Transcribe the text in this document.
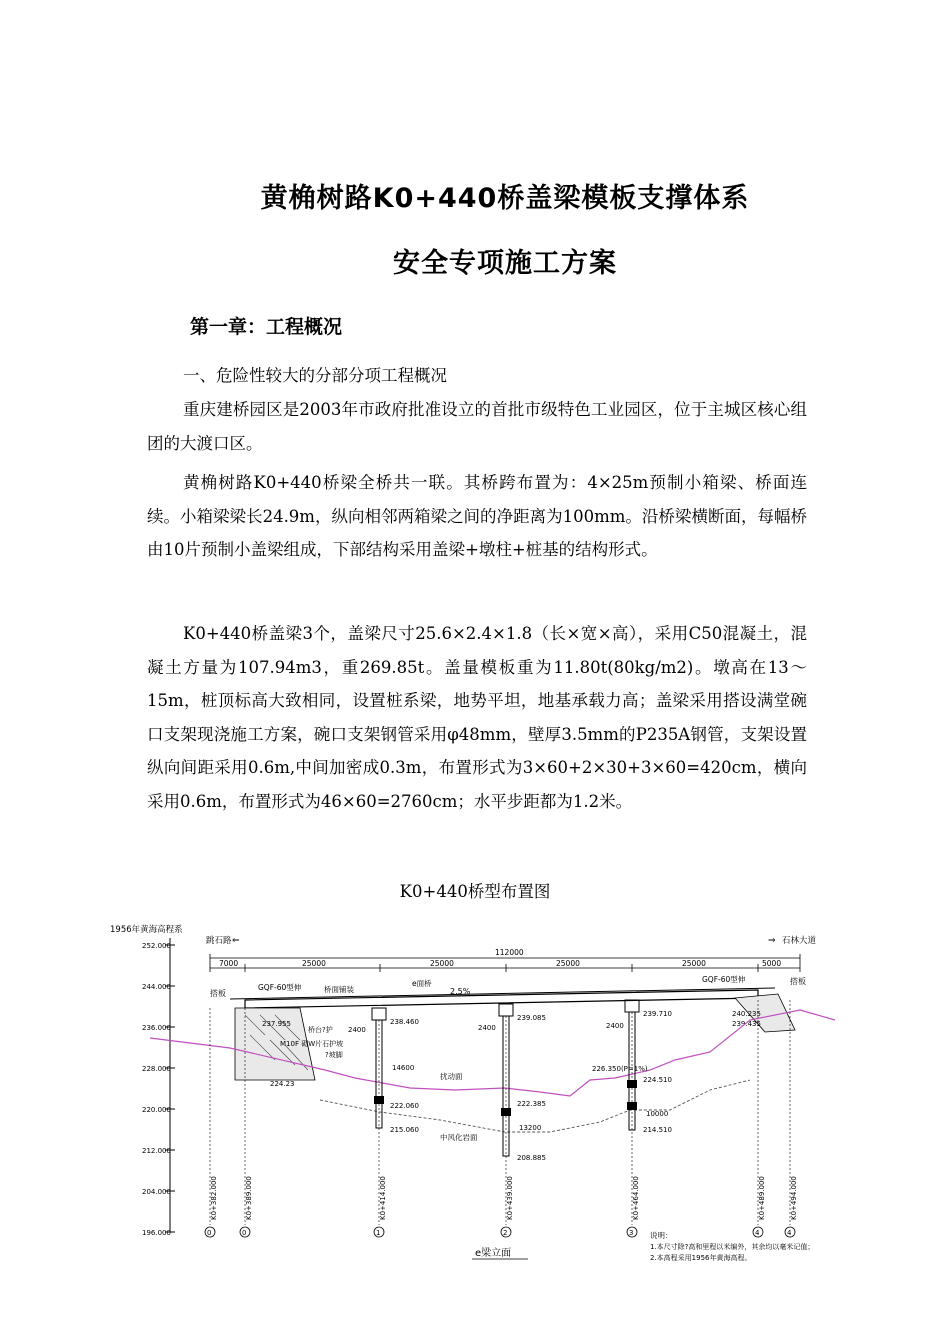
黄桷树路K0+440桥盖梁模板支撑体系
安全专项施工方案
第一章：工程概况
一、危险性较大的分部分项工程概况
重庆建桥园区是2003年市政府批准设立的首批市级特色工业园区，位于主城区核心组团的大渡口区。
黄桷树路K0+440桥梁全桥共一联。其桥跨布置为：4×25m预制小箱梁、桥面连续。小箱梁梁长24.9m，纵向相邻两箱梁之间的净距离为100mm。沿桥梁横断面，每幅桥由10片预制小盖梁组成，下部结构采用盖梁+墩柱+桩基的结构形式。
K0+440桥盖梁3个，盖梁尺寸25.6×2.4×1.8（长×宽×高），采用C50混凝土，混凝土方量为107.94m3，重269.85t。盖量模板重为11.80t(80kg/m2)。墩高在13～15m，桩顶标高大致相同，设置桩系梁，地势平坦，地基承载力高；盖梁采用搭设满堂碗口支架现浇施工方案，碗口支架钢管采用φ48mm，壁厚3.5mm的P235A钢管，支架设置纵向间距采用0.6m,中间加密成0.3m，布置形式为3×60+2×30+3×60=420cm，横向采用0.6m，布置形式为46×60=2760cm；水平步距都为1.2米。
K0+440桥型布置图
1956年黄海高程系
252.000
244.000
236.000
228.000
220.000
212.000
204.000
196.000
跳石路 ⇐	⇒ 石林大道
112000
7000	25000	25000	25000	25000	5000
搭板
搭板
GQF-60型伸
GQF-60型伸
桥面铺装
e面桥
2.5%
237.955
桥台?护
M10F 砌W片石护坡
?坡脚
224.23
240.235
239.435
扰动面
226.350(P=1%)
中风化岩面
2400	2400	2400
14600
13200
10000
238.460	239.085	239.710
222.060	222.385
224.510
215.060	214.510
208.885
K0+382.000	K0+389.000	K0+414.000	K0+439.000	K0+464.000	K0+489.000	K0+494.000
0	0	1	2	3	4	4
e梁立面
说明：
1.本尺寸除?高和里程以米编外，其余均以毫米记值；
2.本高程采用1956年黄海高程。
